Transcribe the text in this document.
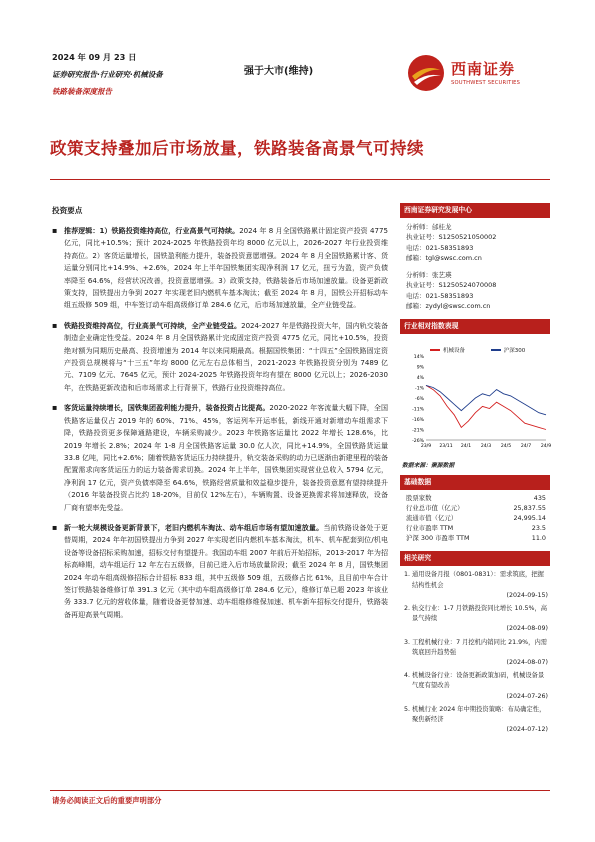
2024 年 09 月 23 日
证券研究报告·行业研究·机械设备
铁路装备深度报告
强于大市(维持)	西南证券
SOUTHWEST SECURITIES
政策支持叠加后市场放量，铁路装备高景气可持续
投资要点
▪ 推荐逻辑：1）铁路投资维持高位，行业高景气可持续。2024 年 8 月全国铁路累计固定资产投资 4775 亿元，同比+10.5%；预计 2024-2025 年铁路投资年均 8000 亿元以上，2026-2027 年行业投资维持高位。2）客货运量增长，国铁盈利能力提升，装备投资意愿增强。2024 年 8 月全国铁路累计客、货运量分别同比+14.9%、+2.6%，2024 年上半年国铁集团实现净利润 17 亿元，扭亏为盈，资产负债率降至 64.6%，经营状况改善，投资意愿增强。3）政策支持，铁路装备后市场加速放量。设备更新政策支持，国铁提出力争到 2027 年实现老旧内燃机车基本淘汰；截至 2024 年 8 月，国铁公开招标动车组五级修 509 组，中车签订动车组高级修订单 284.6 亿元，后市场加速放量，全产业链受益。
▪ 铁路投资维持高位，行业高景气可持续，全产业链受益。2024-2027 年是铁路投资大年，国内轨交装备制造企业确定性受益。2024 年 8 月全国铁路累计完成固定资产投资 4775 亿元，同比+10.5%，投资绝对额为同期历史最高、投资增速为 2014 年以来同期最高。根据国铁集团：“十四五”全国铁路固定资产投资总规模将与“十三五”年均 8000 亿元左右总体相当，2021-2023 年铁路投资分别为 7489 亿元、7109 亿元、7645 亿元，预计 2024-2025 年铁路投资年均有望在 8000 亿元以上；2026-2030 年，在铁路更新改造和后市场需求上行背景下，铁路行业投资维持高位。
▪ 客货运量持续增长，国铁集团盈利能力提升，装备投资占比提高。2020-2022 年客流量大幅下降，全国铁路客运量仅占 2019 年的 60%、71%、45%，客运列车开运率低，新线开通对新增动车组需求下降，铁路投资更多保障通路建设，车辆采购减少。2023 年铁路客运量比 2022 年增长 128.6%，比 2019 年增长 2.8%；2024 年 1-8 月全国铁路客运量 30.0 亿人次，同比+14.9%，全国铁路货运量 33.8 亿吨，同比+2.6%；随着铁路客货运压力持续提升，轨交装备采购的动力已逐渐由新建里程的装备配置需求向客货运压力的运力装备需求切换。2024 年上半年，国铁集团实现营业总收入 5794 亿元，净利润 17 亿元，资产负债率降至 64.6%，铁路经营质量和效益稳步提升，装备投资意愿有望持续提升（2016 年装备投资占比约 18-20%，目前仅 12%左右），车辆购置、设备更换需求将加速释放，设备厂商有望率先受益。
▪ 新一轮大规模设备更新背景下，老旧内燃机车淘汰、动车组后市场有望加速放量。当前铁路设备处于更替周期，2024 年年初国铁提出力争到 2027 年实现老旧内燃机车基本淘汰，机车、机车配套到位/机电设备等设备招标采购加速，招标交付有望提升。我国动车组 2007 年前后开始招标，2013-2017 年为招标高峰期，动车组运行 12 年左右五级修，目前已进入后市场放量阶段；截至 2024 年 8 月，国铁集团 2024 年动车组高级修招标合计招标 833 组，其中五级修 509 组，五级修占比 61%，且目前中车合计签订铁路装备维修订单 391.3 亿元（其中动车组高级修订单 284.6 亿元），维修订单已超 2023 年该业务 333.7 亿元的营收体量，随着设备更替加速、动车组维修维保加速、机车新车招标交付提升，铁路装备再迎高景气周期。
西南证券研究发展中心

分析师：邰桂龙

执业证号：S1250521050002

电话：021-58351893

邮箱：tgl@swsc.com.cn

分析师：张艺瑛

执业证号：S1250524070008

电话：021-58351893

邮箱：zydyl@swsc.com.cn

行业相对指数表现
机械设备
	沪深300
14%
9%
4%
-1%
-6%
-11%
-16%
-21%
-26%
23/9 23/11 24/1 24/3 24/5 24/7 24/9
数据来源：聚源数据
基础数据
股票家数	435
行业总市值（亿元）	25,837.55
流通市值（亿元）	24,995.14
行业市盈率 TTM	23.5
沪深 300 市盈率 TTM	11.0
相关研究
1. 通用设备月报（0801-0831）：需求筑底，把握结构性机会
(2024-09-15)
2. 轨交行业：1-7 月铁路投资同比增长 10.5%，高景气持续
(2024-08-09)
3. 工程机械行业：7 月挖机内销同比 21.9%，内需筑底回升趋势强
(2024-08-07)
4. 机械设备行业：设备更新政策加码，机械设备景气度有望改善
(2024-07-26)
5. 机械行业 2024 年中期投资策略：布局确定性，聚焦新经济
(2024-07-12)
请务必阅读正文后的重要声明部分
